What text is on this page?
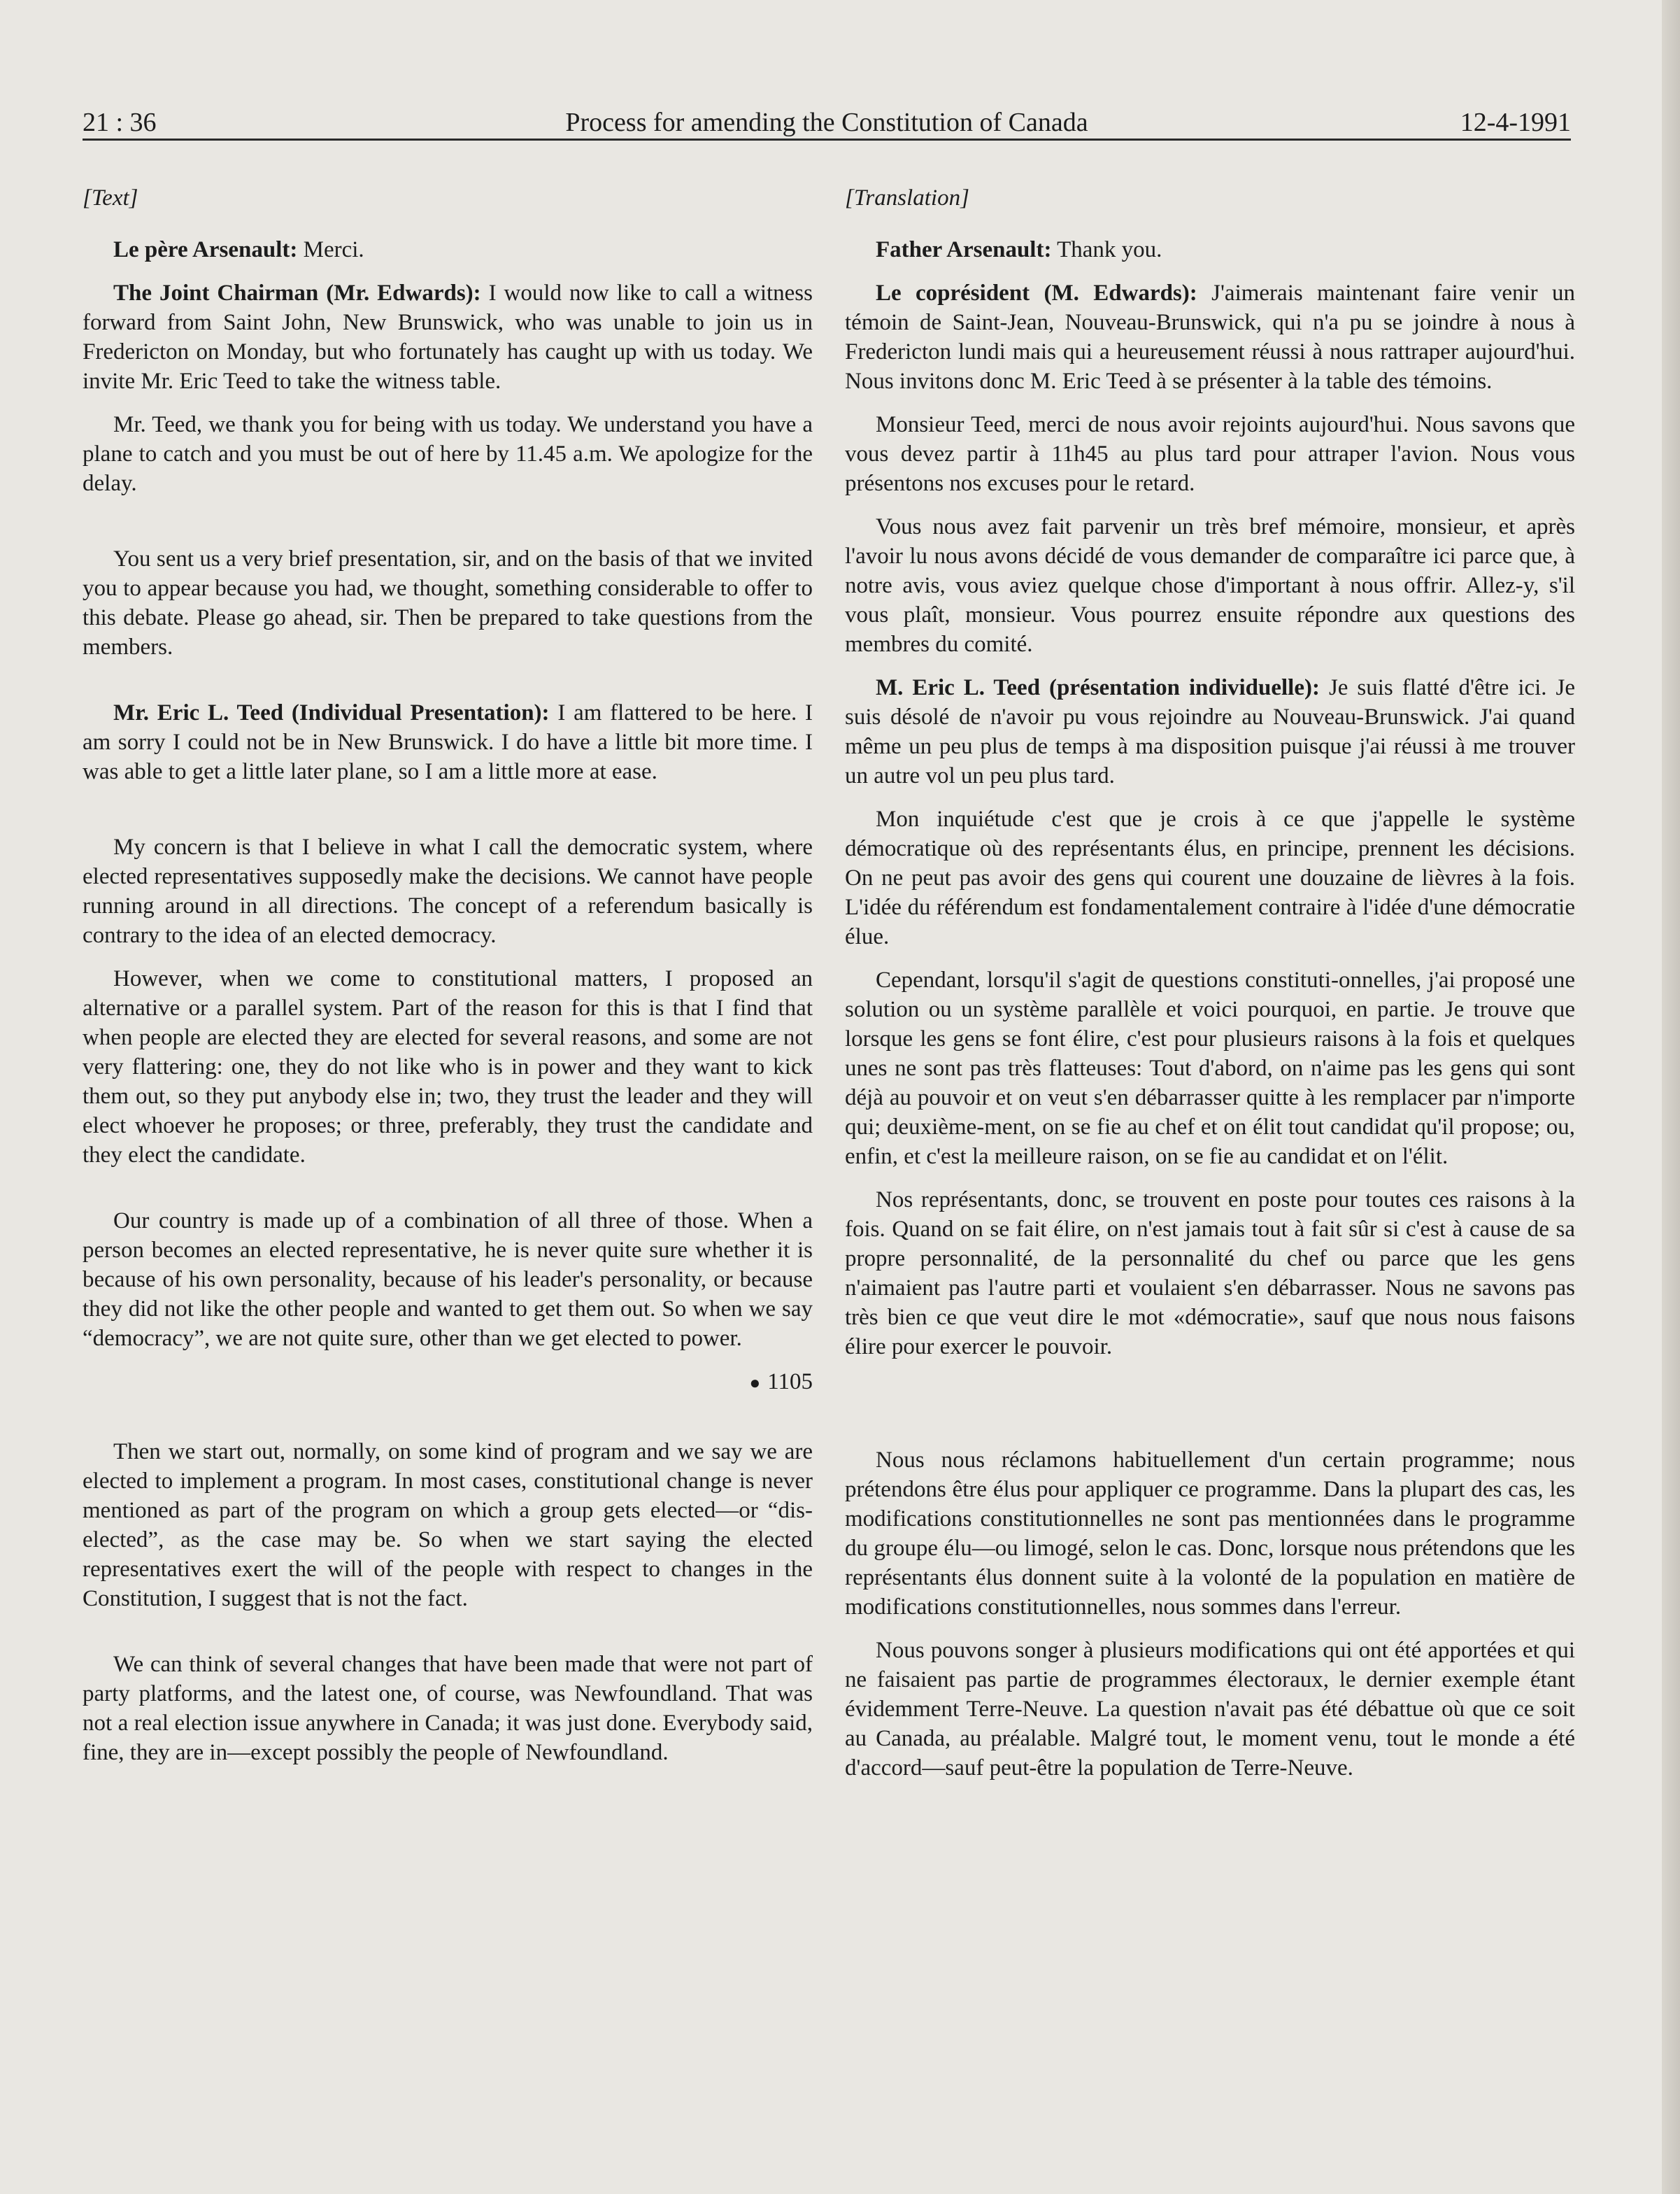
21 : 36	Process for amending the Constitution of Canada	12-4-1991

[Text]

Le père Arsenault: Merci.

The Joint Chairman (Mr. Edwards): I would now like to call a witness forward from Saint John, New Brunswick, who was unable to join us in Fredericton on Monday, but who fortunately has caught up with us today. We invite Mr. Eric Teed to take the witness table.

Mr. Teed, we thank you for being with us today. We understand you have a plane to catch and you must be out of here by 11.45 a.m. We apologize for the delay.

You sent us a very brief presentation, sir, and on the basis of that we invited you to appear because you had, we thought, something considerable to offer to this debate. Please go ahead, sir. Then be prepared to take questions from the members.

Mr. Eric L. Teed (Individual Presentation): I am flattered to be here. I am sorry I could not be in New Brunswick. I do have a little bit more time. I was able to get a little later plane, so I am a little more at ease.

My concern is that I believe in what I call the democratic system, where elected representatives supposedly make the decisions. We cannot have people running around in all directions. The concept of a referendum basically is contrary to the idea of an elected democracy.

However, when we come to constitutional matters, I proposed an alternative or a parallel system. Part of the reason for this is that I find that when people are elected they are elected for several reasons, and some are not very flattering: one, they do not like who is in power and they want to kick them out, so they put anybody else in; two, they trust the leader and they will elect whoever he proposes; or three, preferably, they trust the candidate and they elect the candidate.

Our country is made up of a combination of all three of those. When a person becomes an elected representative, he is never quite sure whether it is because of his own personality, because of his leader's personality, or because they did not like the other people and wanted to get them out. So when we say “democracy”, we are not quite sure, other than we get elected to power.

● 1105

Then we start out, normally, on some kind of program and we say we are elected to implement a program. In most cases, constitutional change is never mentioned as part of the program on which a group gets elected—or “dis-elected”, as the case may be. So when we start saying the elected representatives exert the will of the people with respect to changes in the Constitution, I suggest that is not the fact.

We can think of several changes that have been made that were not part of party platforms, and the latest one, of course, was Newfoundland. That was not a real election issue anywhere in Canada; it was just done. Everybody said, fine, they are in—except possibly the people of Newfoundland.

[Translation]

Father Arsenault: Thank you.

Le coprésident (M. Edwards): J'aimerais maintenant faire venir un témoin de Saint-Jean, Nouveau-Brunswick, qui n'a pu se joindre à nous à Fredericton lundi mais qui a heureusement réussi à nous rattraper aujourd'hui. Nous invitons donc M. Eric Teed à se présenter à la table des témoins.

Monsieur Teed, merci de nous avoir rejoints aujourd'hui. Nous savons que vous devez partir à 11h45 au plus tard pour attraper l'avion. Nous vous présentons nos excuses pour le retard.

Vous nous avez fait parvenir un très bref mémoire, monsieur, et après l'avoir lu nous avons décidé de vous demander de comparaître ici parce que, à notre avis, vous aviez quelque chose d'important à nous offrir. Allez-y, s'il vous plaît, monsieur. Vous pourrez ensuite répondre aux questions des membres du comité.

M. Eric L. Teed (présentation individuelle): Je suis flatté d'être ici. Je suis désolé de n'avoir pu vous rejoindre au Nouveau-Brunswick. J'ai quand même un peu plus de temps à ma disposition puisque j'ai réussi à me trouver un autre vol un peu plus tard.

Mon inquiétude c'est que je crois à ce que j'appelle le système démocratique où des représentants élus, en principe, prennent les décisions. On ne peut pas avoir des gens qui courent une douzaine de lièvres à la fois. L'idée du référendum est fondamentalement contraire à l'idée d'une démocratie élue.

Cependant, lorsqu'il s'agit de questions constituti-onnelles, j'ai proposé une solution ou un système parallèle et voici pourquoi, en partie. Je trouve que lorsque les gens se font élire, c'est pour plusieurs raisons à la fois et quelques unes ne sont pas très flatteuses: Tout d'abord, on n'aime pas les gens qui sont déjà au pouvoir et on veut s'en débarrasser quitte à les remplacer par n'importe qui; deuxième-ment, on se fie au chef et on élit tout candidat qu'il propose; ou, enfin, et c'est la meilleure raison, on se fie au candidat et on l'élit.

Nos représentants, donc, se trouvent en poste pour toutes ces raisons à la fois. Quand on se fait élire, on n'est jamais tout à fait sûr si c'est à cause de sa propre personnalité, de la personnalité du chef ou parce que les gens n'aimaient pas l'autre parti et voulaient s'en débarrasser. Nous ne savons pas très bien ce que veut dire le mot «démocratie», sauf que nous nous faisons élire pour exercer le pouvoir.

Nous nous réclamons habituellement d'un certain programme; nous prétendons être élus pour appliquer ce programme. Dans la plupart des cas, les modifications constitutionnelles ne sont pas mentionnées dans le programme du groupe élu—ou limogé, selon le cas. Donc, lorsque nous prétendons que les représentants élus donnent suite à la volonté de la population en matière de modifications constitutionnelles, nous sommes dans l'erreur.

Nous pouvons songer à plusieurs modifications qui ont été apportées et qui ne faisaient pas partie de programmes électoraux, le dernier exemple étant évidemment Terre-Neuve. La question n'avait pas été débattue où que ce soit au Canada, au préalable. Malgré tout, le moment venu, tout le monde a été d'accord—sauf peut-être la population de Terre-Neuve.
